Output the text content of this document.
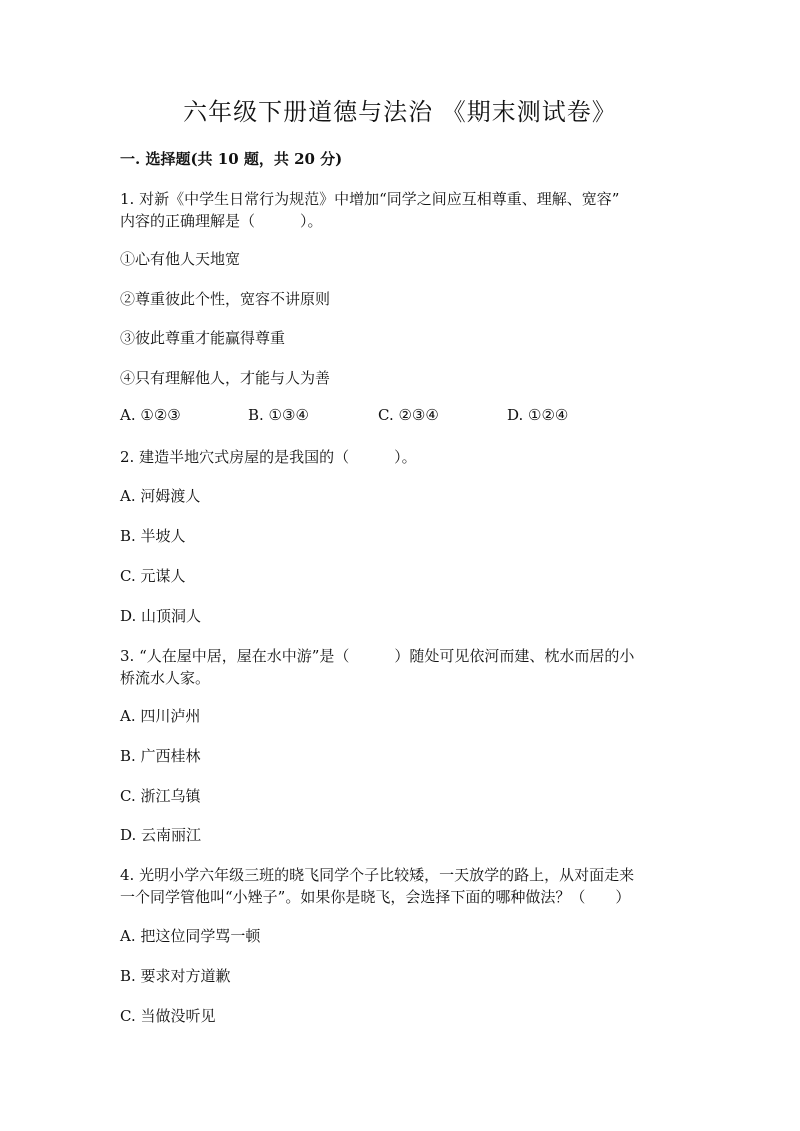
六年级下册道德与法治 《期末测试卷》
一. 选择题(共 10 题，共 20 分)
1. 对新《中学生日常行为规范》中增加“同学之间应互相尊重、理解、宽容”
内容的正确理解是（　　　）。
①心有他人天地宽
②尊重彼此个性，宽容不讲原则
③彼此尊重才能赢得尊重
④只有理解他人，才能与人为善
A. ①②③	B. ①③④	C. ②③④	D. ①②④
2. 建造半地穴式房屋的是我国的（　　　）。
A. 河姆渡人
B. 半坡人
C. 元谋人
D. 山顶洞人
3. “人在屋中居，屋在水中游”是（　　　）随处可见依河而建、枕水而居的小
桥流水人家。
A. 四川泸州
B. 广西桂林
C. 浙江乌镇
D. 云南丽江
4. 光明小学六年级三班的晓飞同学个子比较矮，一天放学的路上，从对面走来
一个同学管他叫“小矬子”。如果你是晓飞，会选择下面的哪种做法？（　　）
A. 把这位同学骂一顿
B. 要求对方道歉
C. 当做没听见
